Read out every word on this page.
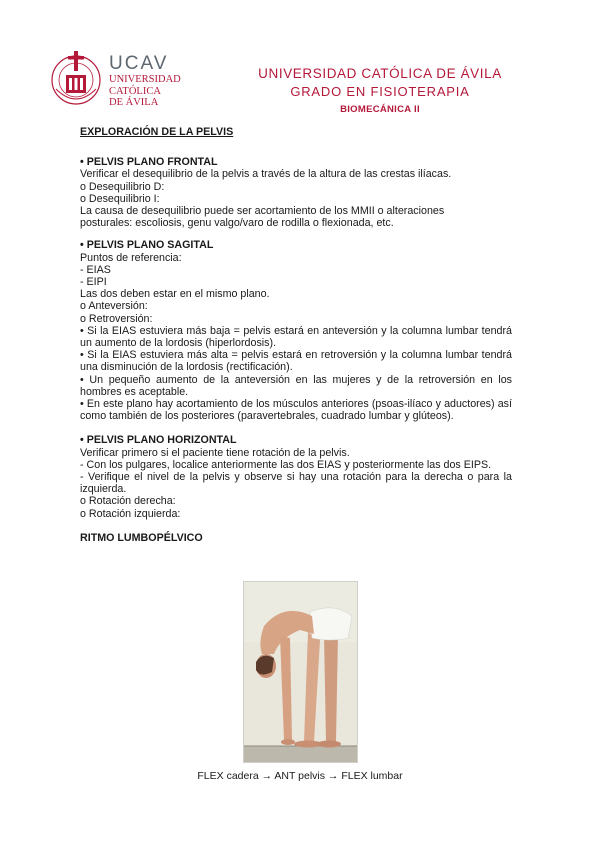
UCAV
UNIVERSIDAD
CATÓLICA
DE ÁVILA
UNIVERSIDAD CATÓLICA DE ÁVILA
GRADO EN FISIOTERAPIA
BIOMECÁNICA II

EXPLORACIÓN DE LA PELVIS

• PELVIS PLANO FRONTAL

Verificar el desequilibrio de la pelvis a través de la altura de las crestas ilíacas.

o Desequilibrio D:

o Desequilibrio I:

La causa de desequilibrio puede ser acortamiento de los MMII o alteraciones

posturales: escoliosis, genu valgo/varo de rodilla o flexionada, etc.

• PELVIS PLANO SAGITAL

Puntos de referencia:

- EIAS

- EIPI

Las dos deben estar en el mismo plano.

o Anteversión:

o Retroversión:

• Si la EIAS estuviera más baja = pelvis estará en anteversión y la columna lumbar tendrá un aumento de la lordosis (hiperlordosis).

• Si la EIAS estuviera más alta = pelvis estará en retroversión y la columna lumbar tendrá una disminución de la lordosis (rectificación).

• Un pequeño aumento de la anteversión en las mujeres y de la retroversión en los hombres es aceptable.

• En este plano hay acortamiento de los músculos anteriores (psoas-ilíaco y aductores) así como también de los posteriores (paravertebrales, cuadrado lumbar y glúteos).

• PELVIS PLANO HORIZONTAL

Verificar primero si el paciente tiene rotación de la pelvis.

- Con los pulgares, localice anteriormente las dos EIAS y posteriormente las dos EIPS.

- Verifique el nivel de la pelvis y observe si hay una rotación para la derecha o para la izquierda.

o Rotación derecha:

o Rotación izquierda:

RITMO LUMBOPÉLVICO

FLEX cadera → ANT pelvis → FLEX lumbar
